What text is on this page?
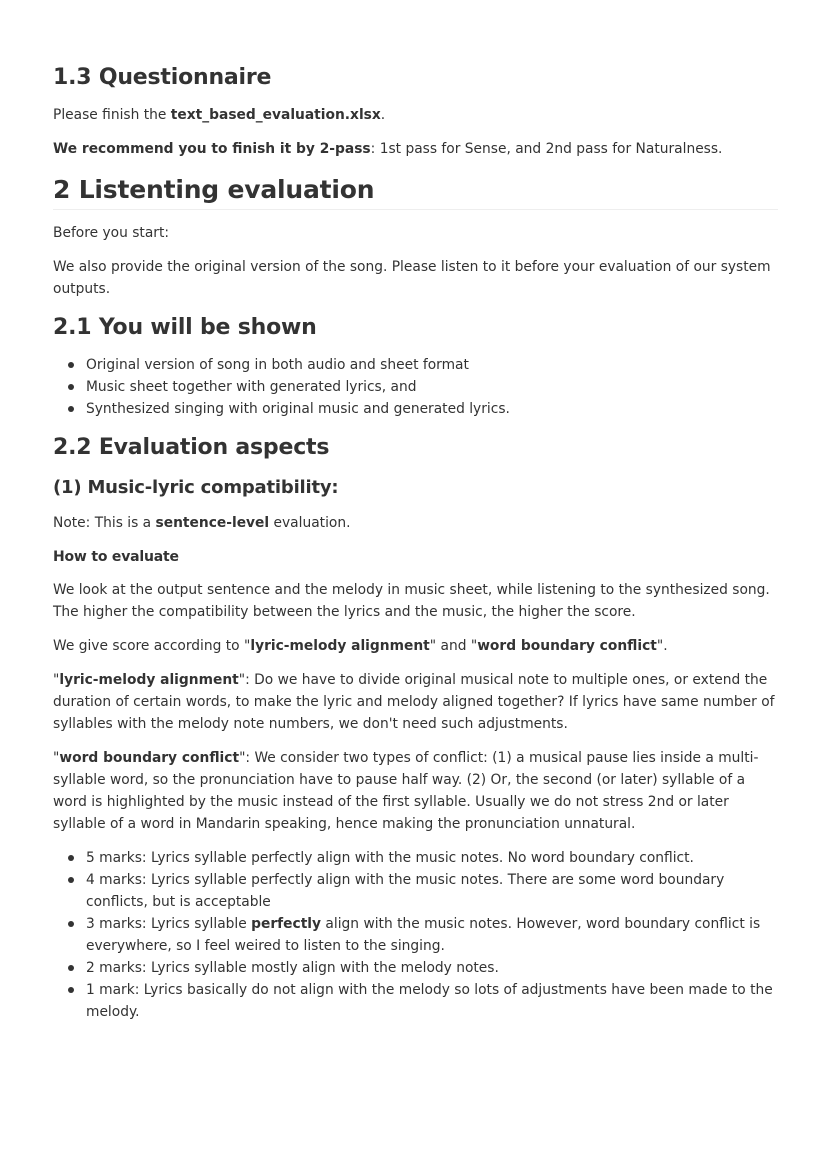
1.3 Questionnaire

Please finish the text_based_evaluation.xlsx.

We recommend you to finish it by 2-pass: 1st pass for Sense, and 2nd pass for Naturalness.

2 Listenting evaluation

Before you start:

We also provide the original version of the song. Please listen to it before your evaluation of our system outputs.

2.1 You will be shown
Original version of song in both audio and sheet format
Music sheet together with generated lyrics, and
Synthesized singing with original music and generated lyrics.
2.2 Evaluation aspects
(1) Music-lyric compatibility:

Note: This is a sentence-level evaluation.

How to evaluate

We look at the output sentence and the melody in music sheet, while listening to the synthesized song. The higher the compatibility between the lyrics and the music, the higher the score.

We give score according to "lyric-melody alignment" and "word boundary conflict".

"lyric-melody alignment": Do we have to divide original musical note to multiple ones, or extend the duration of certain words, to make the lyric and melody aligned together? If lyrics have same number of syllables with the melody note numbers, we don't need such adjustments.

"word boundary conflict": We consider two types of conflict: (1) a musical pause lies inside a multi-syllable word, so the pronunciation have to pause half way. (2) Or, the second (or later) syllable of a word is highlighted by the music instead of the first syllable. Usually we do not stress 2nd or later syllable of a word in Mandarin speaking, hence making the pronunciation unnatural.

5 marks: Lyrics syllable perfectly align with the music notes. No word boundary conflict.
4 marks: Lyrics syllable perfectly align with the music notes. There are some word boundary conflicts, but is acceptable
3 marks: Lyrics syllable perfectly align with the music notes. However, word boundary conflict is everywhere, so I feel weired to listen to the singing.
2 marks: Lyrics syllable mostly align with the melody notes.
1 mark: Lyrics basically do not align with the melody so lots of adjustments have been made to the melody.
